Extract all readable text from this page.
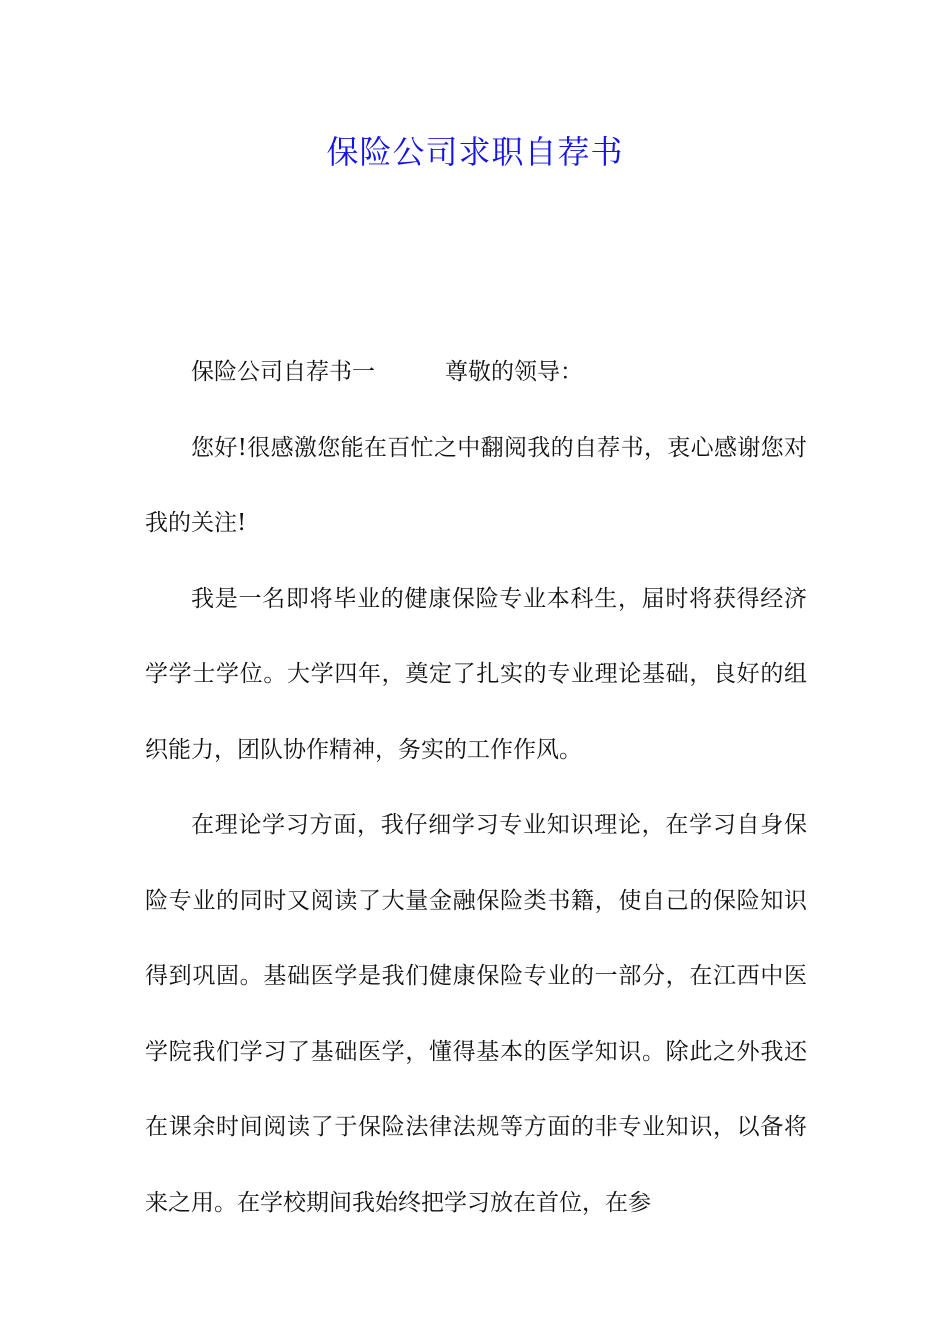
保险公司求职自荐书

保险公司自荐书一	尊敬的领导：

您好!很感激您能在百忙之中翻阅我的自荐书，衷心感谢您对我的关注!

我是一名即将毕业的健康保险专业本科生，届时将获得经济学学士学位。大学四年，奠定了扎实的专业理论基础，良好的组织能力，团队协作精神，务实的工作作风。

在理论学习方面，我仔细学习专业知识理论，在学习自身保险专业的同时又阅读了大量金融保险类书籍，使自己的保险知识得到巩固。基础医学是我们健康保险专业的一部分，在江西中医学院我们学习了基础医学，懂得基本的医学知识。除此之外我还在课余时间阅读了于保险法律法规等方面的非专业知识，以备将来之用。在学校期间我始终把学习放在首位，在参
